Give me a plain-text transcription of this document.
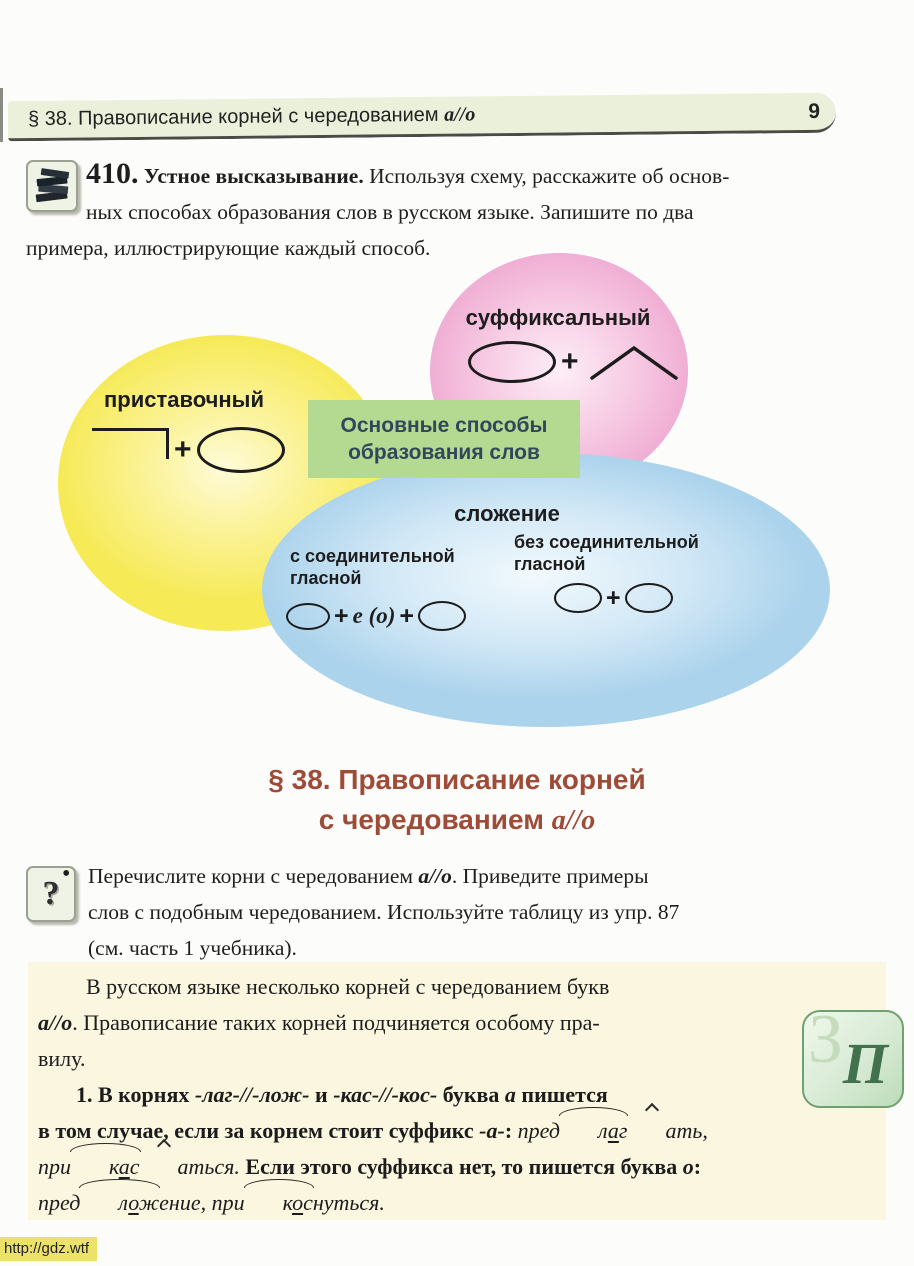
§ 38. Правописание корней с чередованием а//о	9
410. Устное высказывание. Используя схему, расскажите об основ-
ных способах образования слов в русском языке. Запишите по два
примера, иллюстрирующие каждый способ.
приставочный
+
суффиксальный
+
сложение
с соединительной
гласной
без соединительной
гласной
+ е (о) +
+
Основные способы
образования слов
§ 38. Правописание корней
с чередованием а//о
?
• Перечислите корни с чередованием а//о. Приведите примеры
слов с подобным чередованием. Используйте таблицу из упр. 87
(см. часть 1 учебника).
В русском языке несколько корней с чередованием букв
а//о. Правописание таких корней подчиняется особому пра-
вилу.
1. В корнях -лаг-//-лож- и -кас-//-кос- буква а пишется
в том случае, если за корнем стоит суффикс -а-: пред лаг ать,
при кас аться. Если этого суффикса нет, то пишется буква о:
пред ложение, при коснуться.
З П
http://gdz.wtf
